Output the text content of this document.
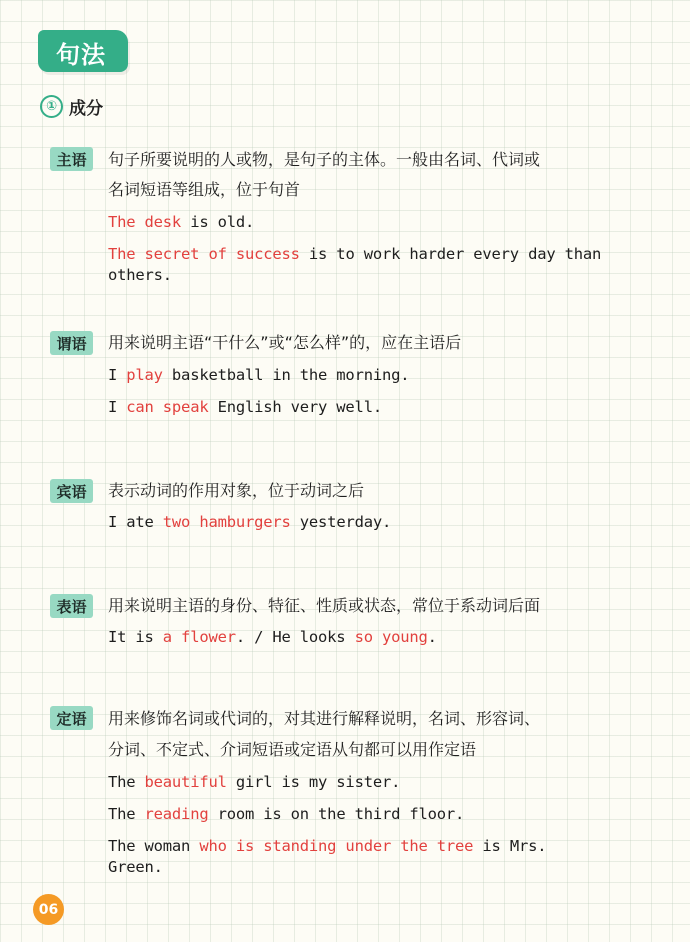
句法
① 成分
主语	句子所要说明的人或物，是句子的主体。一般由名词、代词或
名词短语等组成，位于句首
The desk is old.
The secret of success is to work harder every day than
others.
谓语	用来说明主语“干什么”或“怎么样”的，应在主语后
I play basketball in the morning.
I can speak English very well.
宾语	表示动词的作用对象，位于动词之后
I ate two hamburgers yesterday.
表语	用来说明主语的身份、特征、性质或状态，常位于系动词后面
It is a flower. / He looks so young.
定语	用来修饰名词或代词的，对其进行解释说明，名词、形容词、
分词、不定式、介词短语或定语从句都可以用作定语
The beautiful girl is my sister.
The reading room is on the third floor.
The woman who is standing under the tree is Mrs. Green.
06
